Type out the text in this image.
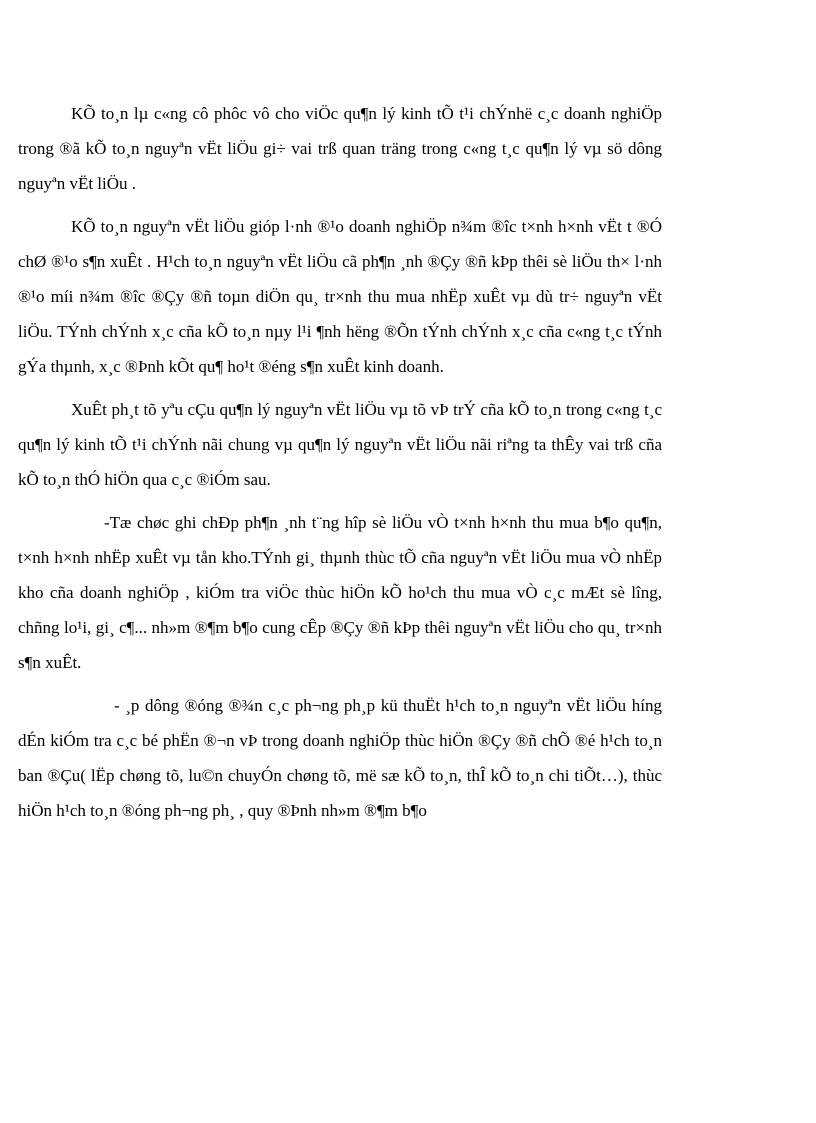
KÕ to¸n lµ c«ng cô phôc vô cho viÖc qu¶n lý kinh tÕ t¹i chÝnhë c¸c doanh nghiÖp trong ®ã kÕ to¸n nguyªn vËt liÖu gi÷ vai trß quan träng trong c«ng t¸c qu¶n lý vµ sö dông nguyªn vËt liÖu .

KÕ to¸n nguyªn vËt liÖu gióp l·nh ®¹o doanh nghiÖp n¾m ®îc t×nh h×nh vËt t ®Ó chØ ®¹o s¶n xuÊt . H¹ch to¸n nguyªn vËt liÖu cã ph¶n ¸nh ®Çy ®ñ kÞp thêi sè liÖu th× l·nh ®¹o míi n¾m ®îc ®Çy ®ñ toµn diÖn qu¸ tr×nh thu mua nhËp xuÊt vµ dù tr÷ nguyªn vËt liÖu. TÝnh chÝnh x¸c cña kÕ to¸n nµy l¹i ¶nh hëng ®Õn tÝnh chÝnh x¸c cña c«ng t¸c tÝnh gÝa thµnh, x¸c ®Þnh kÕt qu¶ ho¹t ®éng s¶n xuÊt kinh doanh.

XuÊt ph¸t tõ yªu cÇu qu¶n lý nguyªn vËt liÖu vµ tõ vÞ trÝ cña kÕ to¸n trong c«ng t¸c qu¶n lý kinh tÕ t¹i chÝnh nãi chung vµ qu¶n lý nguyªn vËt liÖu nãi riªng ta thÊy vai trß cña kÕ to¸n thÓ hiÖn qua c¸c ®iÓm sau.

-Tæ chøc ghi chÐp ph¶n ¸nh t¨ng hîp sè liÖu vÒ t×nh h×nh thu mua b¶o qu¶n, t×nh h×nh nhËp xuÊt vµ tån kho.TÝnh gi¸ thµnh thùc tÕ cña nguyªn vËt liÖu mua vÒ nhËp kho cña doanh nghiÖp , kiÓm tra viÖc thùc hiÖn kÕ ho¹ch thu mua vÒ c¸c mÆt sè lîng, chñng lo¹i, gi¸ c¶... nh»m ®¶m b¶o cung cÊp ®Çy ®ñ kÞp thêi nguyªn vËt liÖu cho qu¸ tr×nh s¶n xuÊt.

- ¸p dông ®óng ®¾n c¸c ph¬ng ph¸p kü thuËt h¹ch to¸n nguyªn vËt liÖu híng dÉn kiÓm tra c¸c bé phËn ®¬n vÞ trong doanh nghiÖp thùc hiÖn ®Çy ®ñ chÕ ®é h¹ch to¸n ban ®Çu( lËp chøng tõ, lu©n chuyÓn chøng tõ, më sæ kÕ to¸n, thÎ kÕ to¸n chi tiÕt…), thùc hiÖn h¹ch to¸n ®óng ph¬ng ph¸ , quy ®Þnh nh»m ®¶m b¶o
